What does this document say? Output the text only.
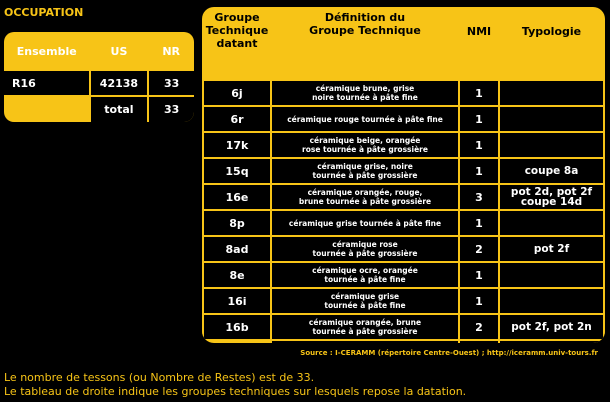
OCCUPATION
Ensemble	US	NR
R16	42138	33
	total	33
Groupe
Technique
datant	Définition du
Groupe Technique	NMI	Typologie
6j	céramique brune, grise
noire tournée à pâte fine	1	
6r	céramique rouge tournée à pâte fine	1	
17k	céramique beige, orangée
rose tournée à pâte grossière	1	
15q	céramique grise, noire
tournée à pâte grossière	1	coupe 8a
16e	céramique orangée, rouge,
brune tournée à pâte grossière	3	pot 2d, pot 2f
coupe 14d
8p	céramique grise tournée à pâte fine	1	
8ad	céramique rose
tournée à pâte grossière	2	pot 2f
8e	céramique ocre, orangée
tournée à pâte fine	1	
16i	céramique grise
tournée à pâte fine	1	
16b	céramique orangée, brune
tournée à pâte grossière	2	pot 2f, pot 2n

Source : I-CERAMM (répertoire Centre-Ouest) ; http://iceramm.univ-tours.fr
Le nombre de tessons (ou Nombre de Restes) est de 33.
Le tableau de droite indique les groupes techniques sur lesquels repose la datation.
